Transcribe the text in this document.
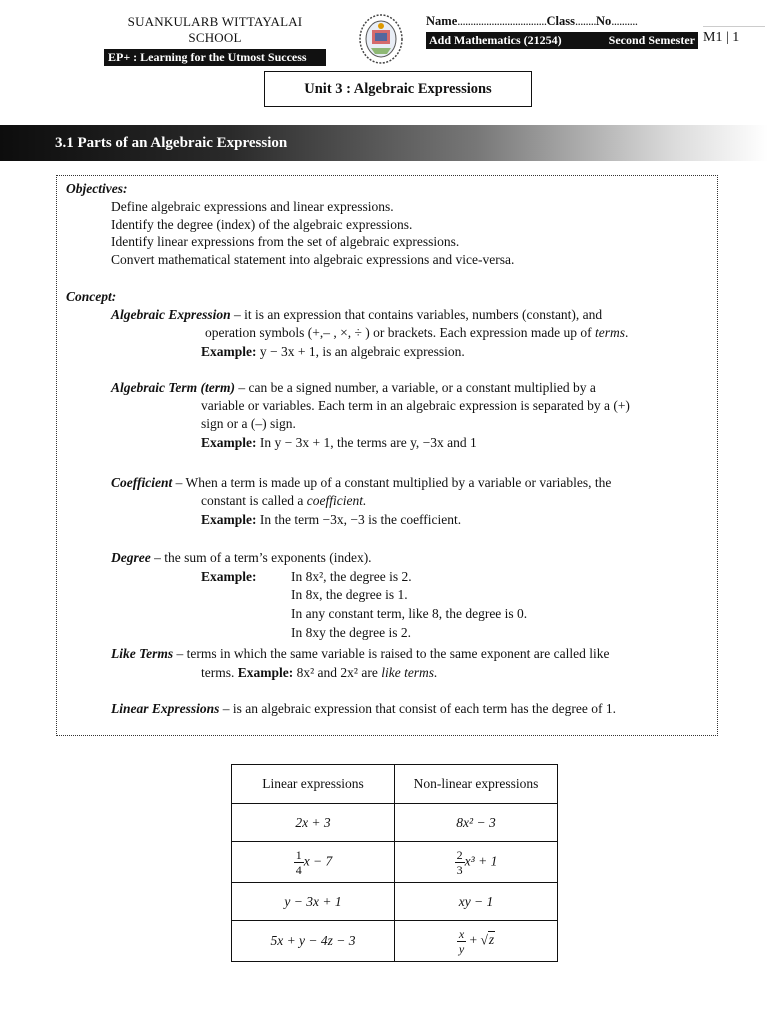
SUANKULARB WITTAYALAI SCHOOL
EP+ : Learning for the Utmost Success
Name..................................Class........No..........
Add Mathematics (21254)	Second Semester M1 | 1
Unit 3 : Algebraic Expressions
3.1 Parts of an Algebraic Expression
Objectives:
Define algebraic expressions and linear expressions.
Identify the degree (index) of the algebraic expressions.
Identify linear expressions from the set of algebraic expressions.
Convert mathematical statement into algebraic expressions and vice-versa.
Concept:
Algebraic Expression – it is an expression that contains variables, numbers (constant), and
operation symbols (+,– , ×, ÷ ) or brackets. Each expression made up of terms.
Example: y − 3x + 1, is an algebraic expression.
Algebraic Term (term) – can be a signed number, a variable, or a constant multiplied by a
variable or variables. Each term in an algebraic expression is separated by a (+)
sign or a (–) sign.
Example: In y − 3x + 1, the terms are y, −3x and 1
Coefficient – When a term is made up of a constant multiplied by a variable or variables, the
constant is called a coefficient.
Example: In the term −3x, −3 is the coefficient.
Degree – the sum of a term’s exponents (index).
Example:	In 8x², the degree is 2.
In 8x, the degree is 1.
In any constant term, like 8, the degree is 0.
In 8xy the degree is 2.
Like Terms – terms in which the same variable is raised to the same exponent are called like
terms. Example: 8x² and 2x² are like terms.
Linear Expressions – is an algebraic expression that consist of each term has the degree of 1.
Linear expressions	Non-linear expressions
2x + 3	8x² − 3

$\frac{1}{4}$ x − 7	$\frac{2}{3} x^3 + 1$
y − 3x + 1	xy − 1
5x + y − 4z − 3	$\frac{x}{y} + √z$
